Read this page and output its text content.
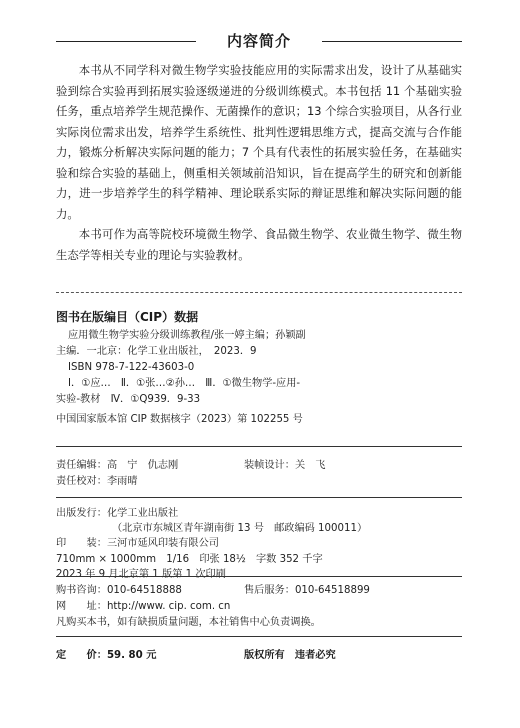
内容简介

本书从不同学科对微生物学实验技能应用的实际需求出发，设计了从基础实验到综合实验再到拓展实验逐级递进的分级训练模式。本书包括 11 个基础实验任务，重点培养学生规范操作、无菌操作的意识；13 个综合实验项目，从各行业实际岗位需求出发，培养学生系统性、批判性逻辑思维方式，提高交流与合作能力，锻炼分析解决实际问题的能力；7 个具有代表性的拓展实验任务，在基础实验和综合实验的基础上，侧重相关领域前沿知识，旨在提高学生的研究和创新能力，进一步培养学生的科学精神、理论联系实际的辩证思维和解决实际问题的能力。

本书可作为高等院校环境微生物学、食品微生物学、农业微生物学、微生物生态学等相关专业的理论与实验教材。

图书在版编目（CIP）数据
应用微生物学实验分级训练教程/张一婷主编；孙颖副
主编．一北京：化学工业出版社，　2023．9
ISBN 978-7-122-43603-0
Ⅰ．①应…　Ⅱ．①张…②孙…　Ⅲ．①微生物学-应用-
实验-教材　Ⅳ．①Q939．9-33
中国国家版本馆 CIP 数据核字（2023）第 102255 号
责任编辑：高　宁　仇志刚	装帧设计：关　飞
责任校对：李雨晴
出版发行：化学工业出版社
（北京市东城区青年湖南街 13 号　邮政编码 100011）
印　　装：三河市延风印装有限公司
710mm × 1000mm　1/16　印张 18½　字数 352 千字
2023 年 9 月北京第 1 版第 1 次印刷
购书咨询：010-64518888	售后服务：010-64518899
网　　址：http://www. cip. com. cn
凡购买本书，如有缺损质量问题，本社销售中心负责调换。
定　　价：59. 80 元	版权所有　违者必究
